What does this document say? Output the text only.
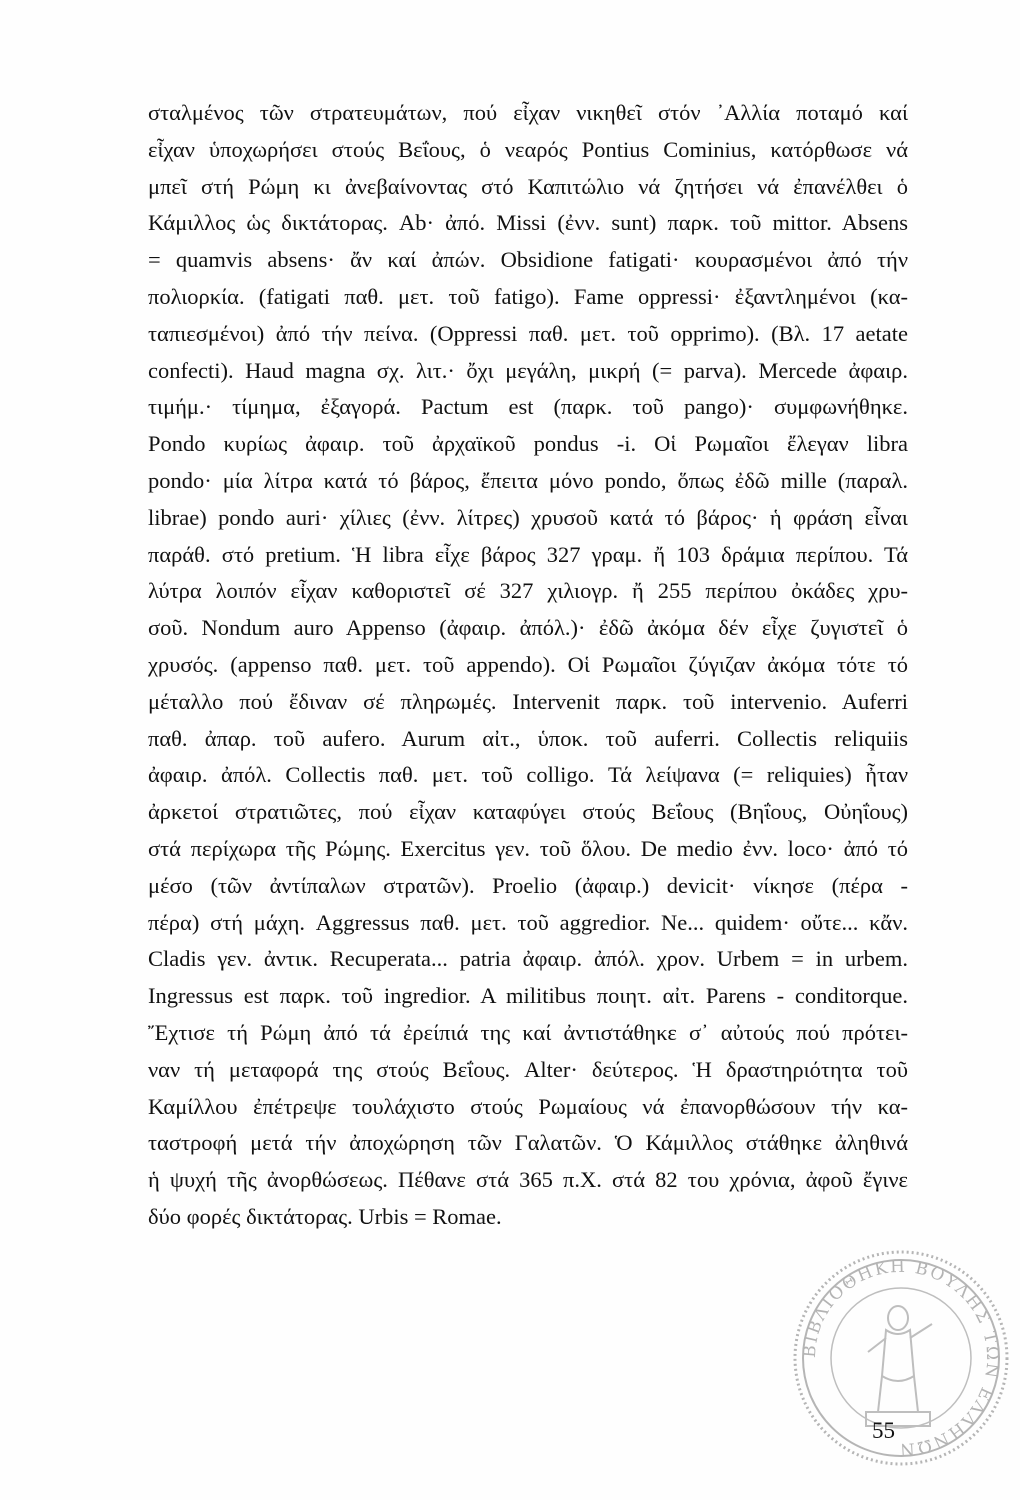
σταλμένος τῶν στρατευμάτων, πού εἶχαν νικηθεῖ στόν ᾿Αλλία ποταμό καί
εἶχαν ὑποχωρήσει στούς Βεΐους, ὁ νεαρός Pontius Cominius, κατόρθωσε νά
μπεῖ στή Ρώμη κι ἀνεβαίνοντας στό Καπιτώλιο νά ζητήσει νά ἐπανέλθει ὁ
Κάμιλλος ὡς δικτάτορας. Ab· ἀπό. Missi (ἐνν. sunt) παρκ. τοῦ mittor. Absens
= quamvis absens· ἄν καί ἀπών. Obsidione fatigati· κουρασμένοι ἀπό τήν
πολιορκία. (fatigati παθ. μετ. τοῦ fatigo). Fame oppressi· ἐξαντλημένοι (κα-
ταπιεσμένοι) ἀπό τήν πείνα. (Oppressi παθ. μετ. τοῦ opprimo). (Βλ. 17 aetate
confecti). Haud magna σχ. λιτ.· ὄχι μεγάλη, μικρή (= parva). Mercede ἀφαιρ.
τιμήμ.· τίμημα, ἐξαγορά. Pactum est (παρκ. τοῦ pango)· συμφωνήθηκε.
Pondo κυρίως ἀφαιρ. τοῦ ἀρχαϊκοῦ pondus -i. Οἱ Ρωμαῖοι ἔλεγαν libra
pondo· μία λίτρα κατά τό βάρος, ἔπειτα μόνο pondo, ὅπως ἐδῶ mille (παραλ.
librae) pondo auri· χίλιες (ἐνν. λίτρες) χρυσοῦ κατά τό βάρος· ἡ φράση εἶναι
παράθ. στό pretium. Ἡ libra εἶχε βάρος 327 γραμ. ἤ 103 δράμια περίπου. Τά
λύτρα λοιπόν εἶχαν καθοριστεῖ σέ 327 χιλιογρ. ἤ 255 περίπου ὀκάδες χρυ-
σοῦ. Nondum auro Appenso (ἀφαιρ. ἀπόλ.)· ἐδῶ ἀκόμα δέν εἶχε ζυγιστεῖ ὁ
χρυσός. (appenso παθ. μετ. τοῦ appendo). Οἱ Ρωμαῖοι ζύγιζαν ἀκόμα τότε τό
μέταλλο πού ἔδιναν σέ πληρωμές. Intervenit παρκ. τοῦ intervenio. Auferri
παθ. ἀπαρ. τοῦ aufero. Aurum αἰτ., ὑποκ. τοῦ auferri. Collectis reliquiis
ἀφαιρ. ἀπόλ. Collectis παθ. μετ. τοῦ colligo. Τά λείψανα (= reliquies) ἦταν
ἀρκετοί στρατιῶτες, πού εἶχαν καταφύγει στούς Βεΐους (Βηΐους, Οὐηΐους)
στά περίχωρα τῆς Ρώμης. Exercitus γεν. τοῦ ὅλου. De medio ἐνν. loco· ἀπό τό
μέσο (τῶν ἀντίπαλων στρατῶν). Proelio (ἀφαιρ.) devicit· νίκησε (πέρα -
πέρα) στή μάχη. Aggressus παθ. μετ. τοῦ aggredior. Ne... quidem· οὔτε... κἄν.
Cladis γεν. ἀντικ. Recuperata... patria ἀφαιρ. ἀπόλ. χρον. Urbem = in urbem.
Ingressus est παρκ. τοῦ ingredior. A militibus ποιητ. αἰτ. Parens - conditorque.
Ἔχτισε τή Ρώμη ἀπό τά ἐρείπιά της καί ἀντιστάθηκε σ᾿ αὐτούς πού πρότει-
ναν τή μεταφορά της στούς Βεΐους. Alter· δεύτερος. Ἡ δραστηριότητα τοῦ
Καμίλλου ἐπέτρεψε τουλάχιστο στούς Ρωμαίους νά ἐπανορθώσουν τήν κα-
ταστροφή μετά τήν ἀποχώρηση τῶν Γαλατῶν. Ὁ Κάμιλλος στάθηκε ἀληθινά
ἡ ψυχή τῆς ἀνορθώσεως. Πέθανε στά 365 π.Χ. στά 82 του χρόνια, ἀφοῦ ἔγινε
δύο φορές δικτάτορας. Urbis = Romae.
ΒΙΒΛΙΟΘΗΚΗ ΒΟΥΛΗΣ ΤΩΝ ΕΛΛΗΝΩΝ
55
